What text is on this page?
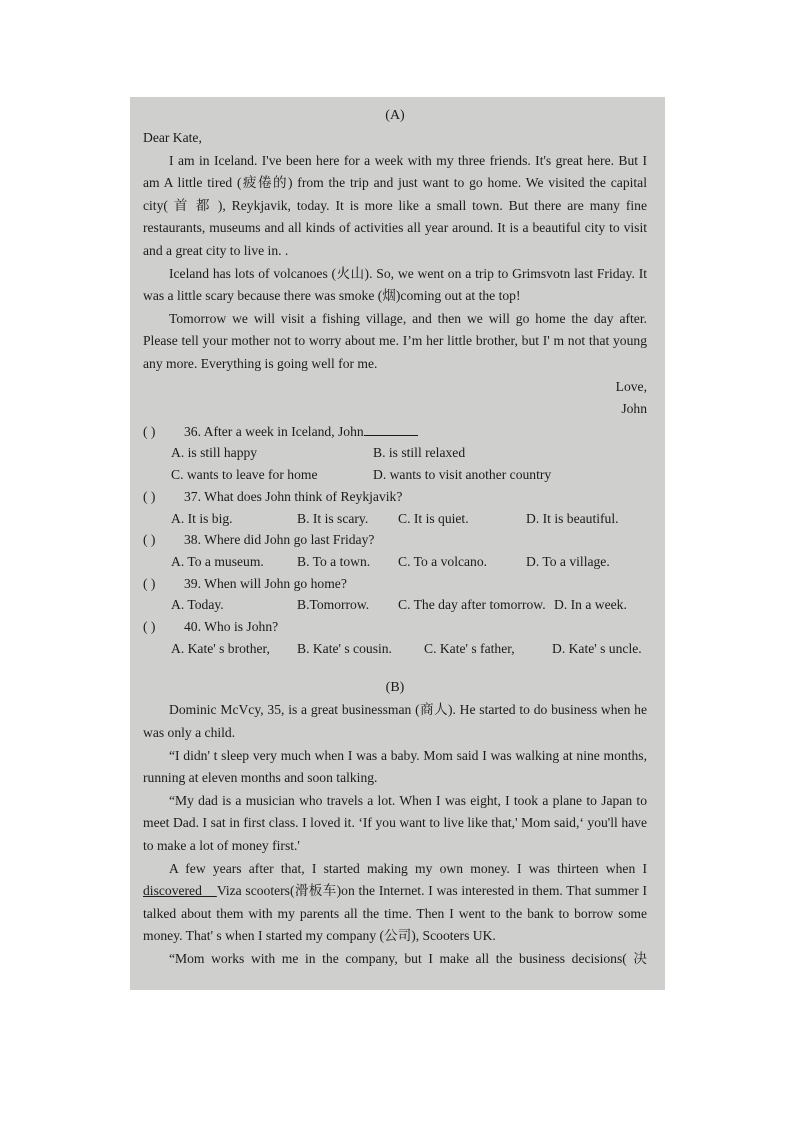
(A)

Dear Kate,

I am in Iceland. I've been here for a week with my three friends. It's great here. But I

am A little tired (疲倦的) from the trip and just want to go home. We visited the capital

city( 首 都 ), Reykjavik, today. It is more like a small town. But there are many fine

restaurants, museums and all kinds of activities all year around. It is a beautiful city to visit

and a great city to live in. .

Iceland has lots of volcanoes (火山). So, we went on a trip to Grimsvotn last Friday. It

was a little scary because there was smoke (烟)coming out at the top!

Tomorrow we will visit a fishing village, and then we will go home the day after.

Please tell your mother not to worry about me. I’m her little brother, but I' m not that young

any more. Everything is going well for me.

Love,

John

( )	36. After a week in Iceland, John
A. is still happy	B. is still relaxed
C. wants to leave for home	D. wants to visit another country
( )	37. What does John think of Reykjavik?
A. It is big.	B. It is scary.	C. It is quiet.	D. It is beautiful.
( )	38. Where did John go last Friday?
A. To a museum.	B. To a town.	C. To a volcano.	D. To a village.
( )	39. When will John go home?
A. Today.	B.Tomorrow.	C. The day after tomorrow. D. In a week.
( )	40. Who is John?
A. Kate' s brother,	B. Kate' s cousin.	C. Kate' s father,	D. Kate' s uncle.

(B)

Dominic McVcy, 35, is a great businessman (商人). He started to do business when he

was only a child.

“I didn' t sleep very much when I was a baby. Mom said I was walking at nine months,

running at eleven months and soon talking.

“My dad is a musician who travels a lot. When I was eight, I took a plane to Japan to

meet Dad. I sat in first class. I loved it. ‘If you want to live like that,' Mom said,‘ you'll have

to make a lot of money first.'

A few years after that, I started making my own money. I was thirteen when I

discovered Viza scooters(滑板车)on the Internet. I was interested in them. That summer I

talked about them with my parents all the time. Then I went to the bank to borrow some

money. That' s when I started my company (公司), Scooters UK.

“Mom works with me in the company, but I make all the business decisions( 决
